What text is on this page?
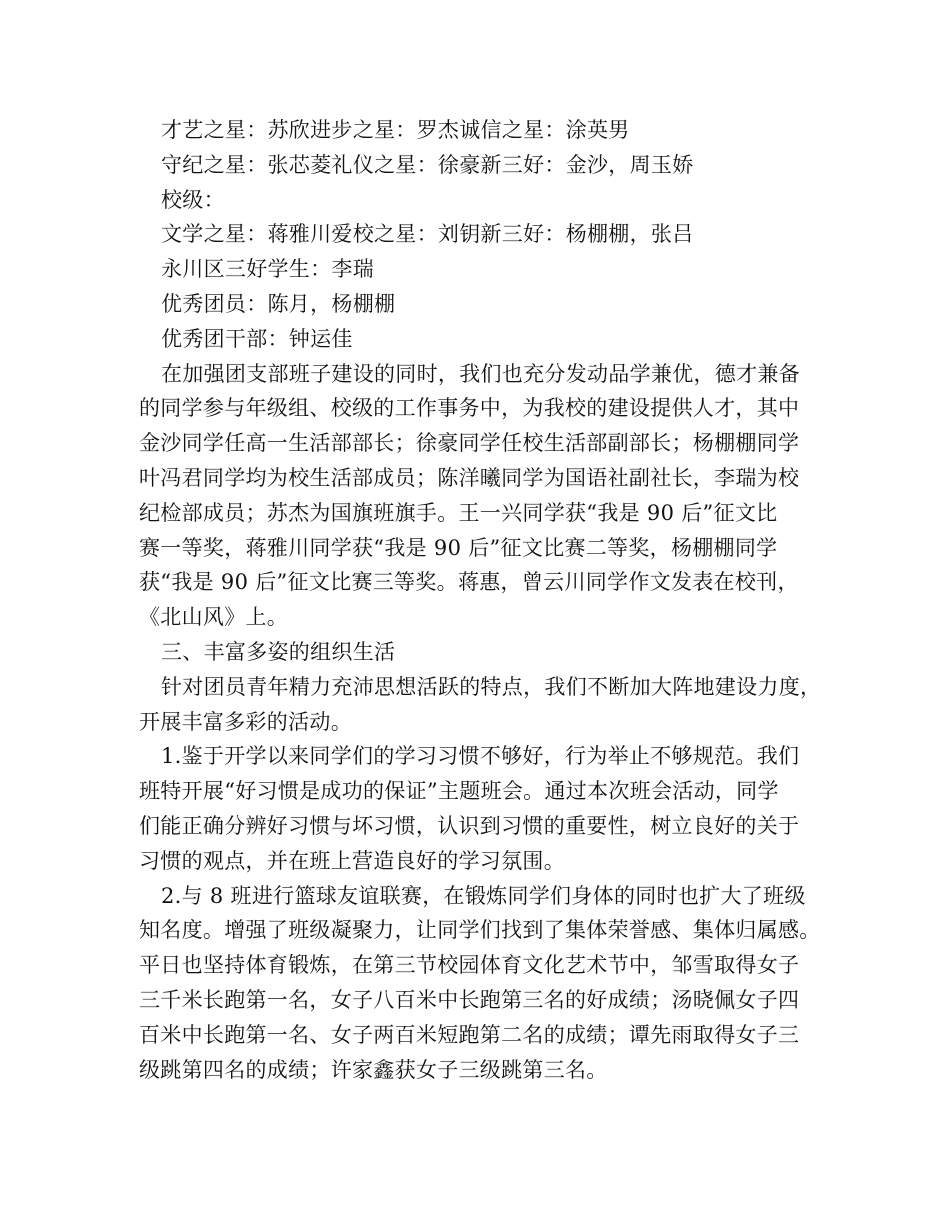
才艺之星：苏欣进步之星：罗杰诚信之星：涂英男

守纪之星：张芯菱礼仪之星：徐豪新三好：金沙，周玉娇

校级：

文学之星：蒋雅川爱校之星：刘钥新三好：杨棚棚，张吕

永川区三好学生：李瑞

优秀团员：陈月，杨棚棚

优秀团干部：钟运佳

在加强团支部班子建设的同时，我们也充分发动品学兼优，德才兼备

的同学参与年级组、校级的工作事务中，为我校的建设提供人才，其中

金沙同学任高一生活部部长；徐豪同学任校生活部副部长；杨棚棚同学

叶冯君同学均为校生活部成员；陈洋曦同学为国语社副社长，李瑞为校

纪检部成员；苏杰为国旗班旗手。王一兴同学获“我是 90 后”征文比

赛一等奖，蒋雅川同学获“我是 90 后”征文比赛二等奖，杨棚棚同学

获“我是 90 后”征文比赛三等奖。蒋惠，曾云川同学作文发表在校刊，

《北山风》上。

三、丰富多姿的组织生活

针对团员青年精力充沛思想活跃的特点，我们不断加大阵地建设力度，

开展丰富多彩的活动。

1.鉴于开学以来同学们的学习习惯不够好，行为举止不够规范。我们

班特开展“好习惯是成功的保证”主题班会。通过本次班会活动，同学

们能正确分辨好习惯与坏习惯，认识到习惯的重要性，树立良好的关于

习惯的观点，并在班上营造良好的学习氛围。

2.与 8 班进行篮球友谊联赛，在锻炼同学们身体的同时也扩大了班级

知名度。增强了班级凝聚力，让同学们找到了集体荣誉感、集体归属感。

平日也坚持体育锻炼，在第三节校园体育文化艺术节中，邹雪取得女子

三千米长跑第一名，女子八百米中长跑第三名的好成绩；汤晓佩女子四

百米中长跑第一名、女子两百米短跑第二名的成绩；谭先雨取得女子三

级跳第四名的成绩；许家鑫获女子三级跳第三名。
